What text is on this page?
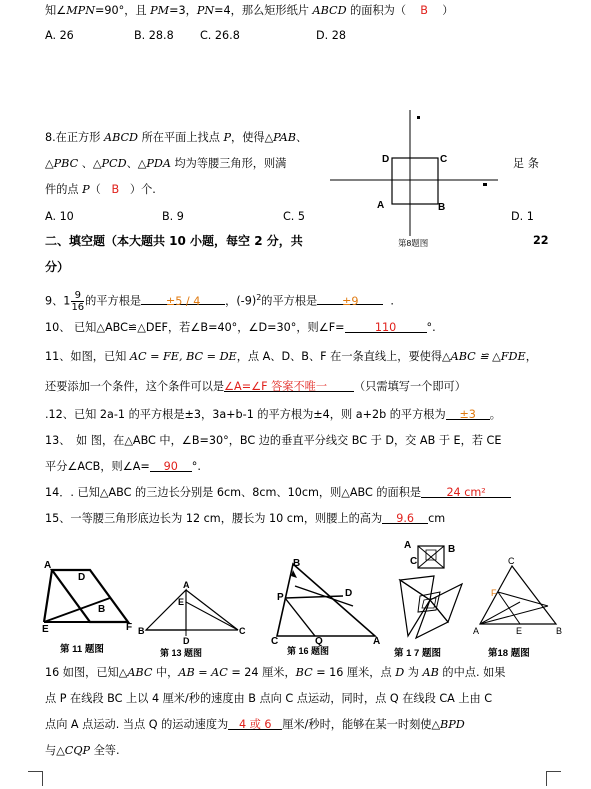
知∠MPN=90°，且 PM=3，PN=4，那么矩形纸片 ABCD 的面积为（ B ）
A. 26	B. 28.8 C. 26.8	D. 28
8.在正方形 ABCD 所在平面上找点 P，使得△PAB、
△PBC 、△PCD、△PDA 均为等腰三角形，则满	足 条
件的点 P（ B ）个.
A. 10	B. 9	C. 5	D. 1
D	C
A	B
第8题图	22
二、填空题（本大题共 10 小题，每空 2 分，共
分）
9、$1 \frac{9}{16}$ 的平方根是 ±5 / 4 ，$(-9)^2$的平方根是 ±9	.
10、 已知△ABC≌△DEF，若∠B=40°，∠D=30°，则∠F=	110	°.
11、如图，已知 AC = FE, BC = DE，点 A、D、B、F 在一条直线上，要使得△ABC ≌ △FDE，
还要添加一个条件，这个条件可以是∠A=∠F 答案不唯一 （只需填写一个即可）
.12、已知 2a-1 的平方根是±3，3a+b-1 的平方根为±4，则 a+2b 的平方根为 ±3 。
13、　如 图，在△ABC 中，∠B=30°，BC 边的垂直平分线交 BC 于 D，交 AB 于 E，若 CE
平分∠ACB，则∠A= 90 °.
14．. 已知△ABC 的三边长分别是 6cm、8cm、10cm，则△ABC 的面积是 24 cm²
15、一等腰三角形底边长为 12 cm，腰长为 10 cm，则腰上的高为 9.6 cm
A
D
B
E	F
第 11 题图
A
E
B
D
C
第 13 题图
B
P	D
C	Q	A
第 16 题图
A
C
B
第 1 7 题图
C
F
A	E	B
第18 题图
16 如图，已知△ABC 中，AB = AC = 24 厘米，BC = 16 厘米，点 D 为 AB 的中点. 如果
点 P 在线段 BC 上以 4 厘米/秒的速度由 B 点向 C 点运动，同时，点 Q 在线段 CA 上由 C
点向 A 点运动. 当点 Q 的运动速度为 4 或 6 厘米/秒时，能够在某一时刻使△BPD
与△CQP 全等.
